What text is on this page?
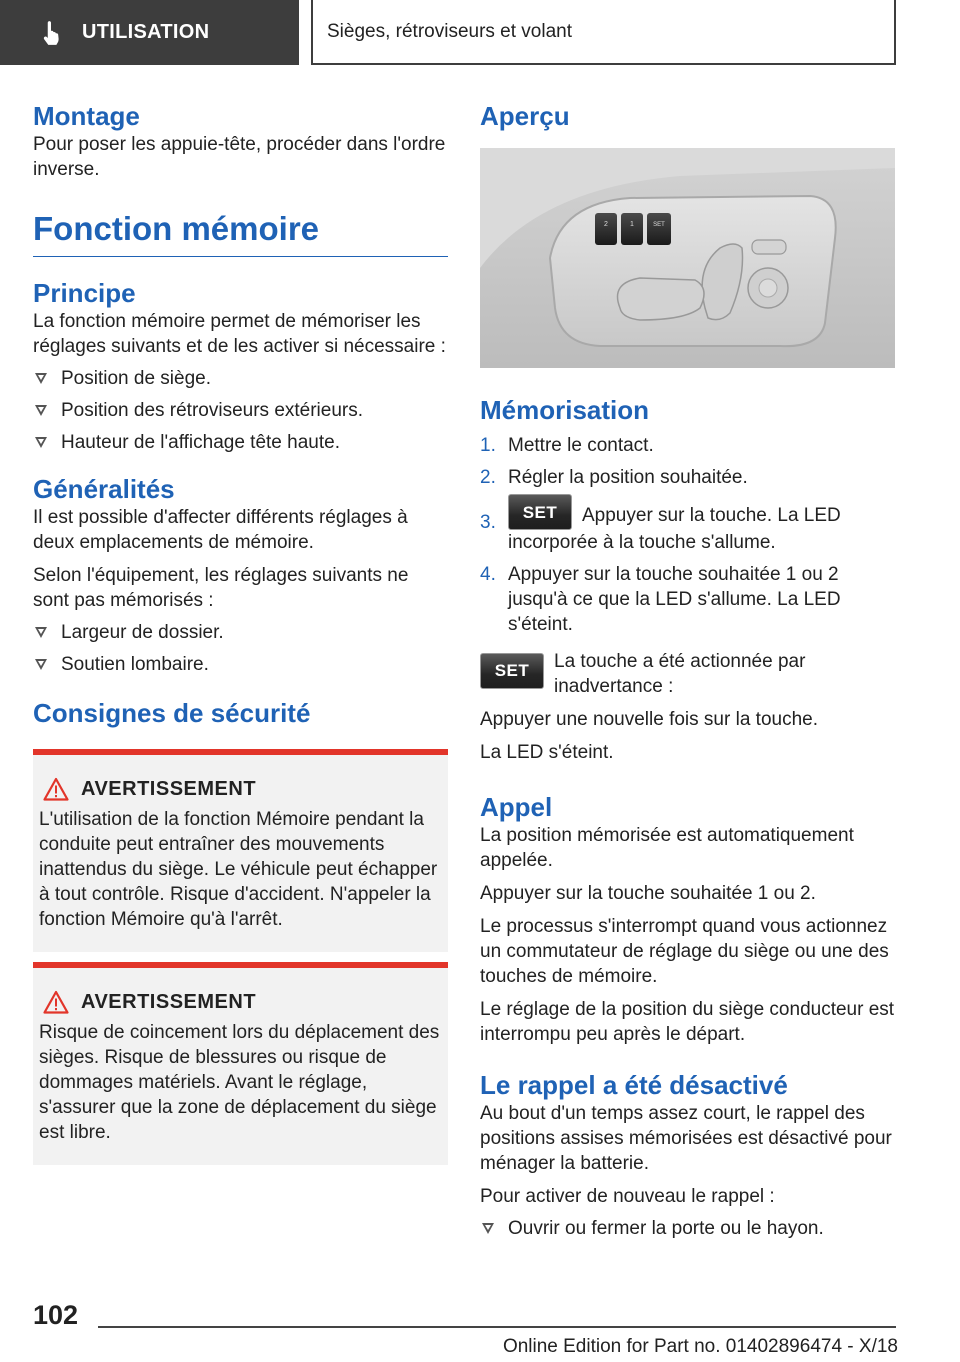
UTILISATION	Sièges, rétroviseurs et volant
Montage

Pour poser les appuie-tête, procéder dans l'ordre inverse.

Fonction mémoire
Principe

La fonction mémoire permet de mémoriser les réglages suivants et de les activer si nécessaire :

Position de siège.
Position des rétroviseurs extérieurs.
Hauteur de l'affichage tête haute.
Généralités

Il est possible d'affecter différents réglages à deux emplacements de mémoire.

Selon l'équipement, les réglages suivants ne sont pas mémorisés :

Largeur de dossier.
Soutien lombaire.
Consignes de sécurité
AVERTISSEMENT

L'utilisation de la fonction Mémoire pendant la conduite peut entraîner des mouvements inattendus du siège. Le véhicule peut échapper à tout contrôle. Risque d'accident. N'appeler la fonction Mémoire qu'à l'arrêt.

AVERTISSEMENT

Risque de coincement lors du déplacement des sièges. Risque de blessures ou risque de dommages matériels. Avant le réglage, s'assurer que la zone de déplacement du siège est libre.

Aperçu
2	1	SET
Mémorisation
1. Mettre le contact.
2. Régler la position souhaitée.
3. SET Appuyer sur la touche. La LED incorporée à la touche s'allume.
4. Appuyer sur la touche souhaitée 1 ou 2 jusqu'à ce que la LED s'allume. La LED s'éteint.
SET	La touche a été actionnée par inadvertance :

Appuyer une nouvelle fois sur la touche.

La LED s'éteint.

Appel

La position mémorisée est automatiquement appelée.

Appuyer sur la touche souhaitée 1 ou 2.

Le processus s'interrompt quand vous actionnez un commutateur de réglage du siège ou une des touches de mémoire.

Le réglage de la position du siège conducteur est interrompu peu après le départ.

Le rappel a été désactivé

Au bout d'un temps assez court, le rappel des positions assises mémorisées est désactivé pour ménager la batterie.

Pour activer de nouveau le rappel :

Ouvrir ou fermer la porte ou le hayon.
102
Online Edition for Part no. 01402896474 - X/18
